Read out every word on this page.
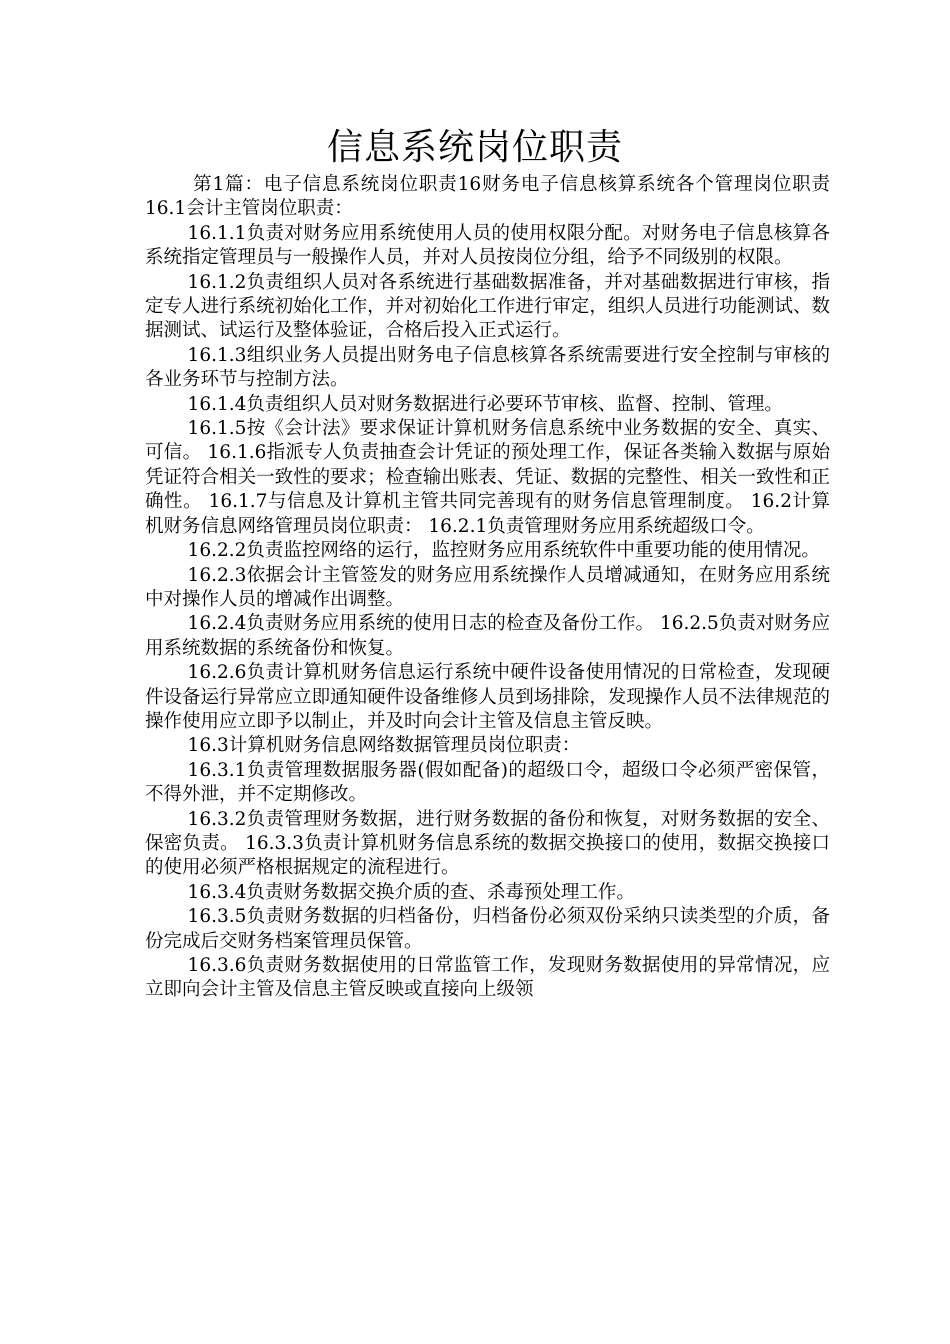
信息系统岗位职责

第1篇：电子信息系统岗位职责16财务电子信息核算系统各个管理岗位职责 16.1会计主管岗位职责：

16.1.1负责对财务应用系统使用人员的使用权限分配。对财务电子信息核算各系统指定管理员与一般操作人员，并对人员按岗位分组，给予不同级别的权限。

16.1.2负责组织人员对各系统进行基础数据准备，并对基础数据进行审核，指定专人进行系统初始化工作，并对初始化工作进行审定，组织人员进行功能测试、数据测试、试运行及整体验证，合格后投入正式运行。

16.1.3组织业务人员提出财务电子信息核算各系统需要进行安全控制与审核的各业务环节与控制方法。

16.1.4负责组织人员对财务数据进行必要环节审核、监督、控制、管理。

16.1.5按《会计法》要求保证计算机财务信息系统中业务数据的安全、真实、可信。 16.1.6指派专人负责抽查会计凭证的预处理工作，保证各类输入数据与原始凭证符合相关一致性的要求；检查输出账表、凭证、数据的完整性、相关一致性和正确性。 16.1.7与信息及计算机主管共同完善现有的财务信息管理制度。 16.2计算机财务信息网络管理员岗位职责： 16.2.1负责管理财务应用系统超级口令。

16.2.2负责监控网络的运行，监控财务应用系统软件中重要功能的使用情况。

16.2.3依据会计主管签发的财务应用系统操作人员增减通知，在财务应用系统中对操作人员的增减作出调整。

16.2.4负责财务应用系统的使用日志的检查及备份工作。 16.2.5负责对财务应用系统数据的系统备份和恢复。

16.2.6负责计算机财务信息运行系统中硬件设备使用情况的日常检查，发现硬件设备运行异常应立即通知硬件设备维修人员到场排除，发现操作人员不法律规范的操作使用应立即予以制止，并及时向会计主管及信息主管反映。

16.3计算机财务信息网络数据管理员岗位职责：

16.3.1负责管理数据服务器(假如配备)的超级口令，超级口令必须严密保管，不得外泄，并不定期修改。

16.3.2负责管理财务数据，进行财务数据的备份和恢复，对财务数据的安全、保密负责。 16.3.3负责计算机财务信息系统的数据交换接口的使用，数据交换接口的使用必须严格根据规定的流程进行。

16.3.4负责财务数据交换介质的查、杀毒预处理工作。

16.3.5负责财务数据的归档备份，归档备份必须双份采纳只读类型的介质，备份完成后交财务档案管理员保管。

16.3.6负责财务数据使用的日常监管工作，发现财务数据使用的异常情况，应立即向会计主管及信息主管反映或直接向上级领
